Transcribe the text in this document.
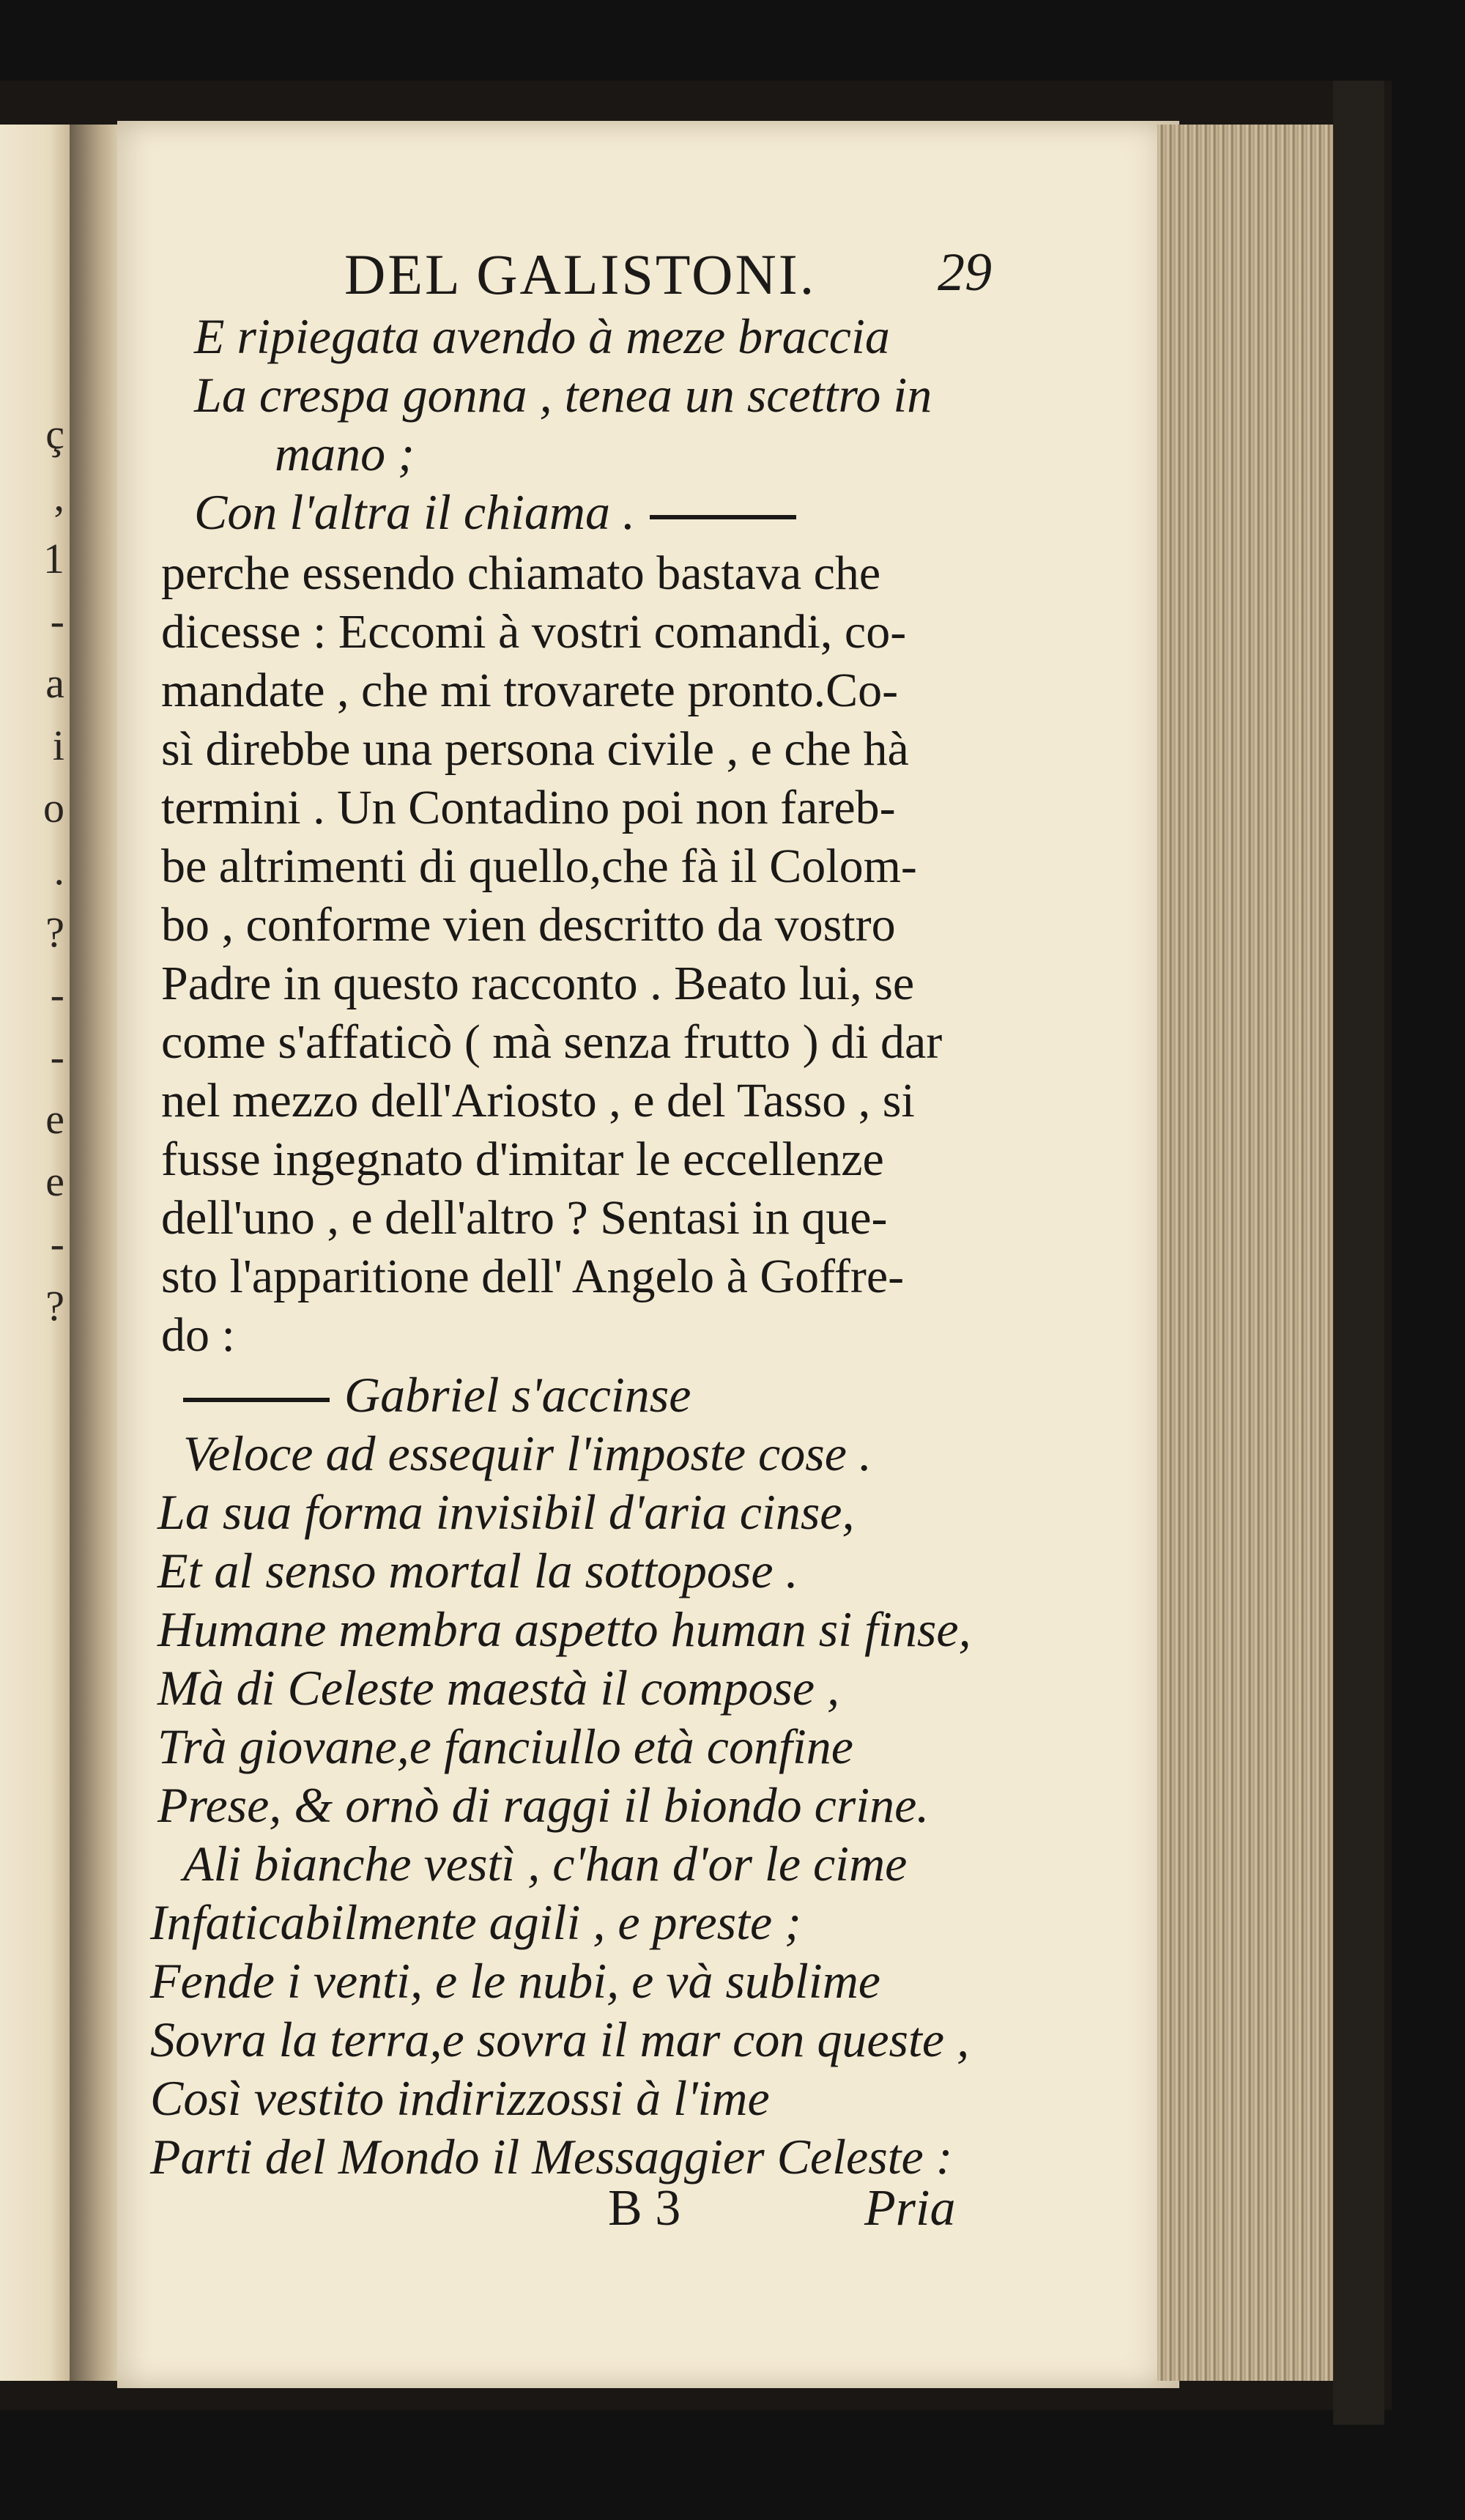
ç
,
1
-
a
i
o
.
?
-
-
e
e
-
?
DEL GALISTONI. 29
E ripiegata avendo à meze braccia
La crespa gonna , tenea un scettro in
mano ;
Con l'altra il chiama .
perche essendo chiamato bastava che
dicesse : Eccomi à vostri comandi, co-
mandate , che mi trovarete pronto.Co-
sì direbbe una persona civile , e che hà
termini . Un Contadino poi non fareb-
be altrimenti di quello,che fà il Colom-
bo , conforme vien descritto da vostro
Padre in questo racconto . Beato lui, se
come s'affaticò ( mà senza frutto ) di dar
nel mezzo dell'Ariosto , e del Tasso , si
fusse ingegnato d'imitar le eccellenze
dell'uno , e dell'altro ? Sentasi in que-
sto l'apparitione dell' Angelo à Goffre-
do :
Gabriel s'accinse
Veloce ad essequir l'imposte cose .
La sua forma invisibil d'aria cinse,
Et al senso mortal la sottopose .
Humane membra aspetto human si finse,
Mà di Celeste maestà il compose ,
Trà giovane,e fanciullo età confine
Prese, & ornò di raggi il biondo crine.
Ali bianche vestì , c'han d'or le cime
Infaticabilmente agili , e preste ;
Fende i venti, e le nubi, e và sublime
Sovra la terra,e sovra il mar con queste ,
Così vestito indirizzossi à l'ime
Parti del Mondo il Messaggier Celeste :
B 3	Pria
